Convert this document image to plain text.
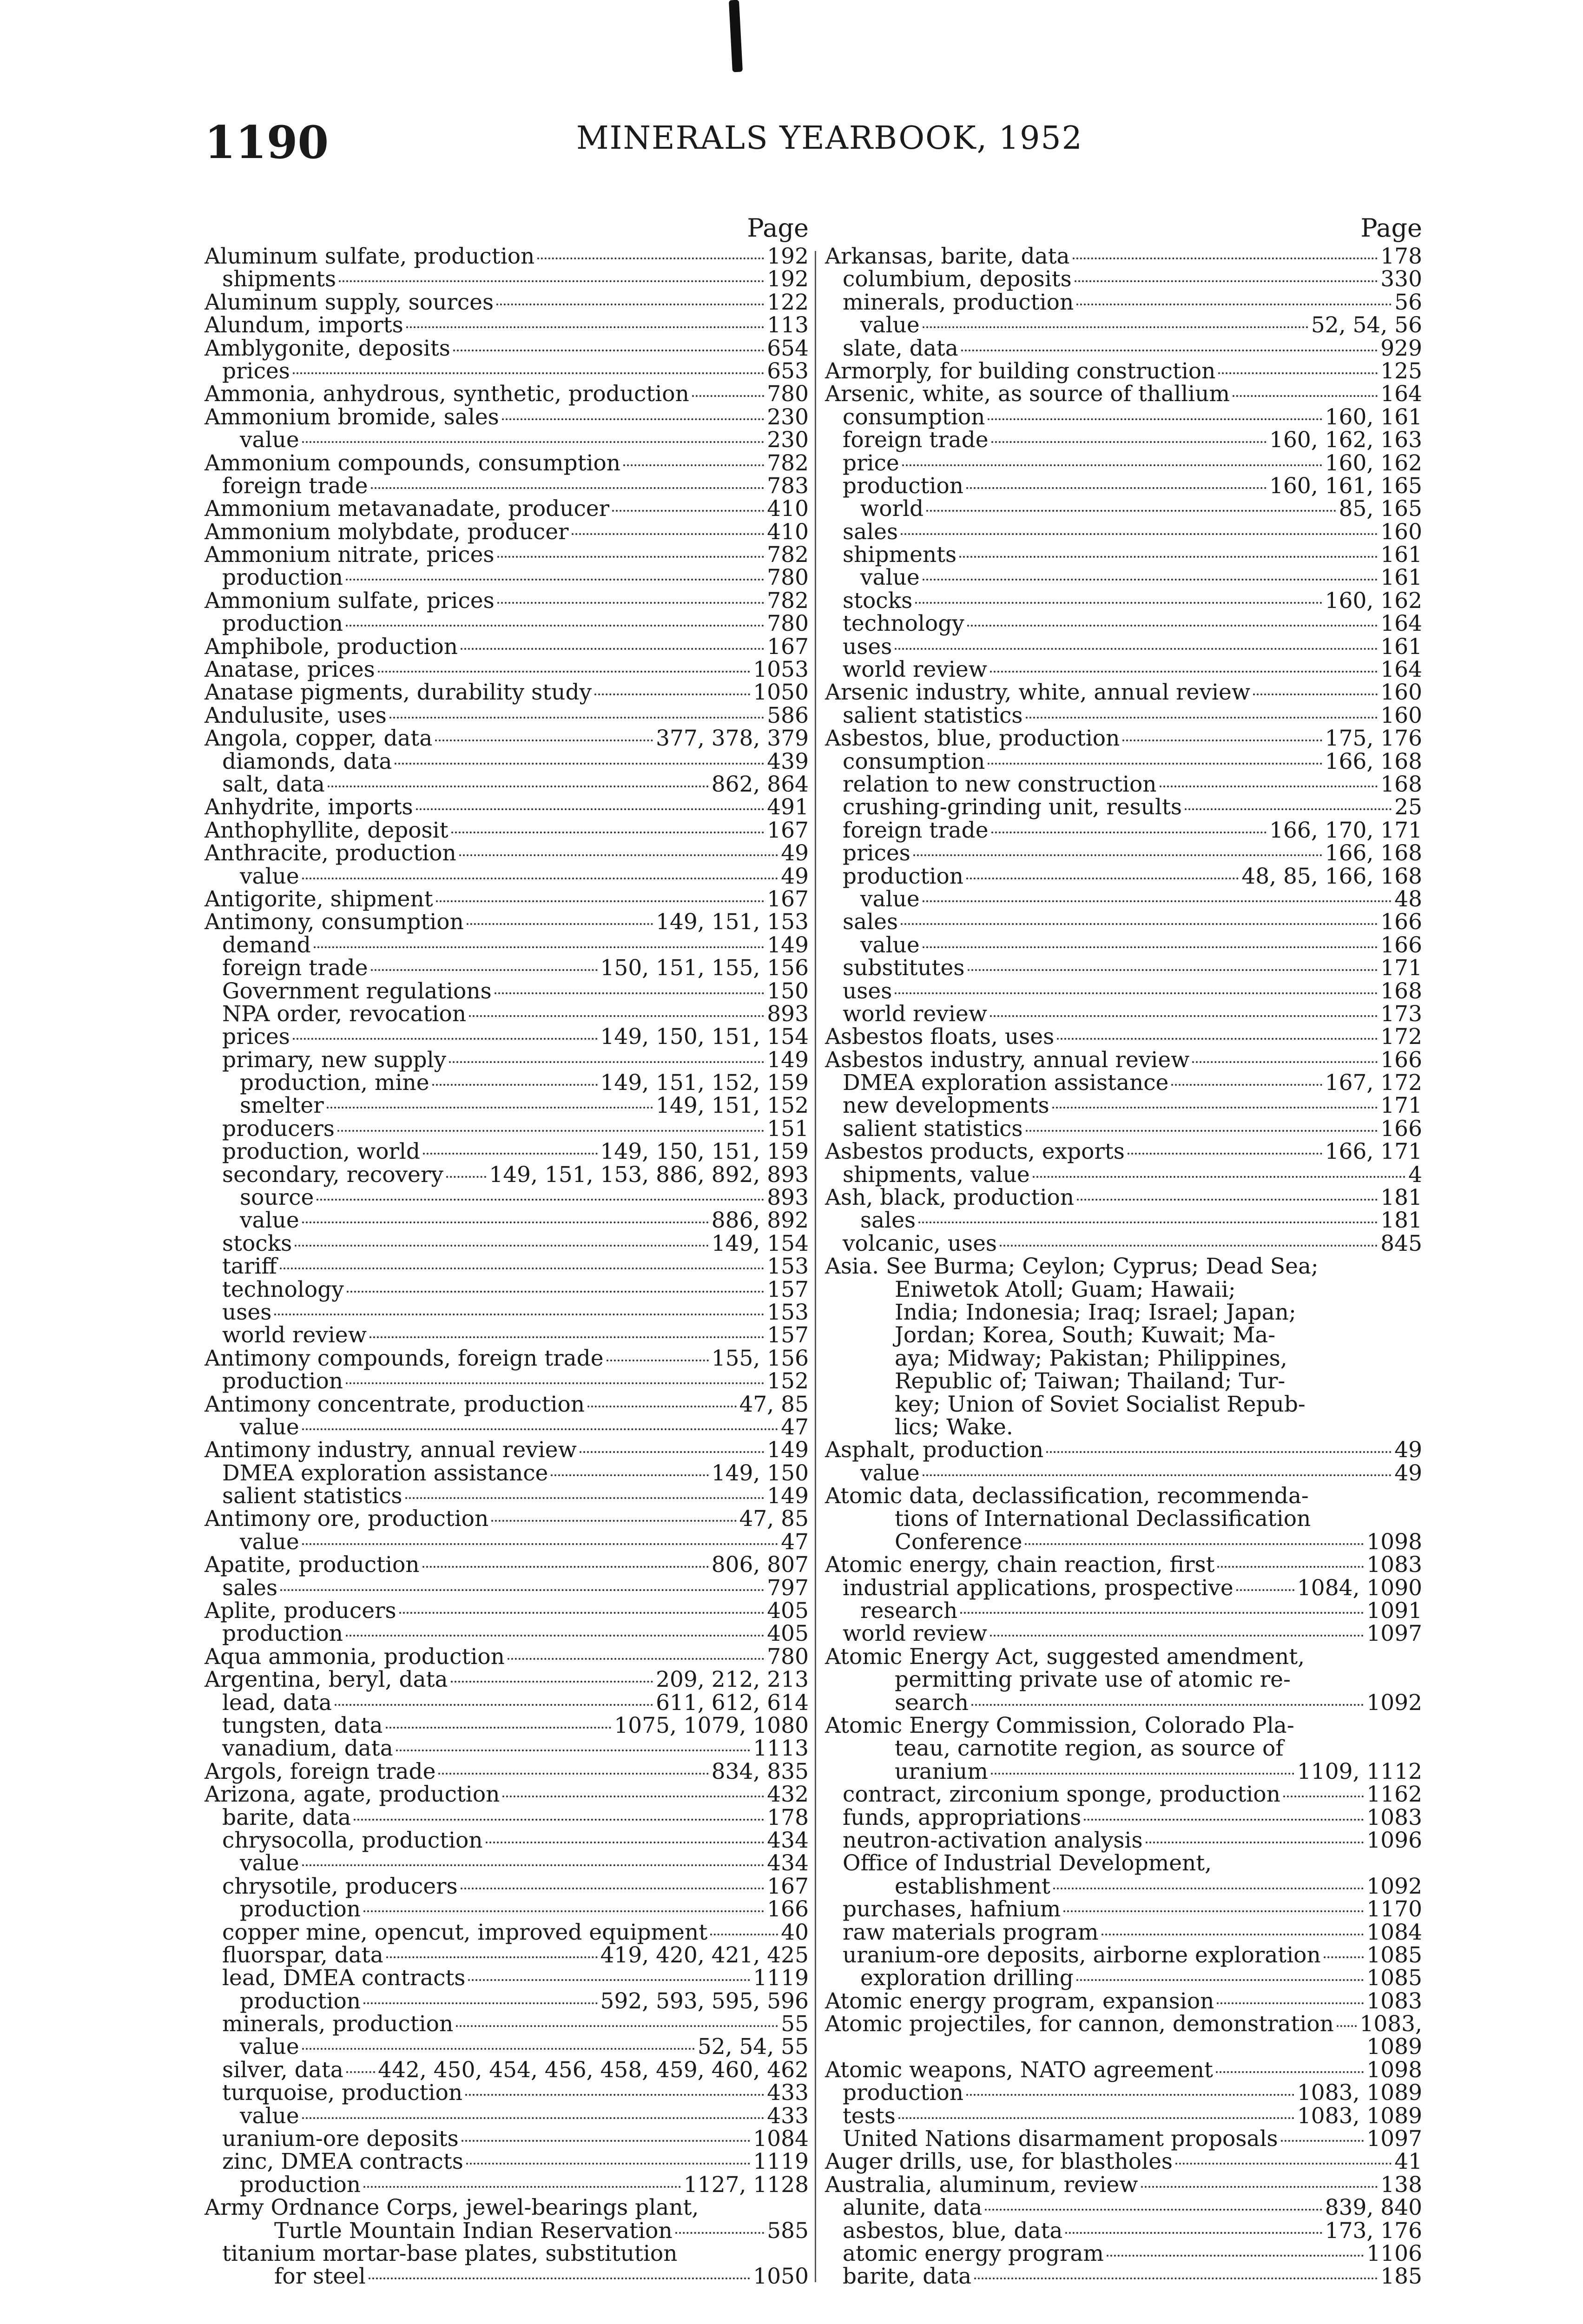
1190	MINERALS YEARBOOK, 1952
Page
Aluminum sulfate, production	192
shipments	192
Aluminum supply, sources	122
Alundum, imports	113
Amblygonite, deposits	654
prices	653
Ammonia, anhydrous, synthetic, production	780
Ammonium bromide, sales	230
value	230
Ammonium compounds, consumption	782
foreign trade	783
Ammonium metavanadate, producer	410
Ammonium molybdate, producer	410
Ammonium nitrate, prices	782
production	780
Ammonium sulfate, prices	782
production	780
Amphibole, production	167
Anatase, prices	1053
Anatase pigments, durability study	1050
Andulusite, uses	586
Angola, copper, data	377, 378, 379
diamonds, data	439
salt, data	862, 864
Anhydrite, imports	491
Anthophyllite, deposit	167
Anthracite, production	49
value	49
Antigorite, shipment	167
Antimony, consumption	149, 151, 153
demand	149
foreign trade	150, 151, 155, 156
Government regulations	150
NPA order, revocation	893
prices	149, 150, 151, 154
primary, new supply	149
production, mine	149, 151, 152, 159
smelter	149, 151, 152
producers	151
production, world	149, 150, 151, 159
secondary, recovery 149, 151, 153, 886, 892, 893
source	893
value	886, 892
stocks	149, 154
tariff	153
technology	157
uses	153
world review	157
Antimony compounds, foreign trade	155, 156
production	152
Antimony concentrate, production	47, 85
value	47
Antimony industry, annual review	149
DMEA exploration assistance	149, 150
salient statistics	149
Antimony ore, production	47, 85
value	47
Apatite, production	806, 807
sales	797
Aplite, producers	405
production	405
Aqua ammonia, production	780
Argentina, beryl, data	209, 212, 213
lead, data	611, 612, 614
tungsten, data	1075, 1079, 1080
vanadium, data	1113
Argols, foreign trade	834, 835
Arizona, agate, production	432
barite, data	178
chrysocolla, production	434
value	434
chrysotile, producers	167
production	166
copper mine, opencut, improved equipment	40
fluorspar, data	419, 420, 421, 425
lead, DMEA contracts	1119
production	592, 593, 595, 596
minerals, production	55
value	52, 54, 55
silver, data 442, 450, 454, 456, 458, 459, 460, 462
turquoise, production	433
value	433
uranium-ore deposits	1084
zinc, DMEA contracts	1119
production	1127, 1128
Army Ordnance Corps, jewel-bearings plant,
Turtle Mountain Indian Reservation	585
titanium mortar-base plates, substitution
for steel	1050
Page
Arkansas, barite, data	178
columbium, deposits	330
minerals, production	56
value	52, 54, 56
slate, data	929
Armorply, for building construction	125
Arsenic, white, as source of thallium	164
consumption	160, 161
foreign trade	160, 162, 163
price	160, 162
production	160, 161, 165
world	85, 165
sales	160
shipments	161
value	161
stocks	160, 162
technology	164
uses	161
world review	164
Arsenic industry, white, annual review	160
salient statistics	160
Asbestos, blue, production	175, 176
consumption	166, 168
relation to new construction	168
crushing-grinding unit, results	25
foreign trade	166, 170, 171
prices	166, 168
production	48, 85, 166, 168
value	48
sales	166
value	166
substitutes	171
uses	168
world review	173
Asbestos floats, uses	172
Asbestos industry, annual review	166
DMEA exploration assistance	167, 172
new developments	171
salient statistics	166
Asbestos products, exports	166, 171
shipments, value	4
Ash, black, production	181
sales	181
volcanic, uses	845
Asia. See Burma; Ceylon; Cyprus; Dead Sea;
Eniwetok Atoll; Guam; Hawaii;
India; Indonesia; Iraq; Israel; Japan;
Jordan; Korea, South; Kuwait; Ma-
aya; Midway; Pakistan; Philippines,
Republic of; Taiwan; Thailand; Tur-
key; Union of Soviet Socialist Repub-
lics; Wake.
Asphalt, production	49
value	49
Atomic data, declassification, recommenda-
tions of International Declassification
Conference	1098
Atomic energy, chain reaction, first	1083
industrial applications, prospective	1084, 1090
research	1091
world review	1097
Atomic Energy Act, suggested amendment,
permitting private use of atomic re-
search	1092
Atomic Energy Commission, Colorado Pla-
teau, carnotite region, as source of
uranium	1109, 1112
contract, zirconium sponge, production	1162
funds, appropriations	1083
neutron-activation analysis	1096
Office of Industrial Development,
establishment	1092
purchases, hafnium	1170
raw materials program	1084
uranium-ore deposits, airborne exploration 1085
exploration drilling	1085
Atomic energy program, expansion	1083
Atomic projectiles, for cannon, demonstration 1083,
1089
Atomic weapons, NATO agreement	1098
production	1083, 1089
tests	1083, 1089
United Nations disarmament proposals	1097
Auger drills, use, for blastholes	41
Australia, aluminum, review	138
alunite, data	839, 840
asbestos, blue, data	173, 176
atomic energy program	1106
barite, data	185
